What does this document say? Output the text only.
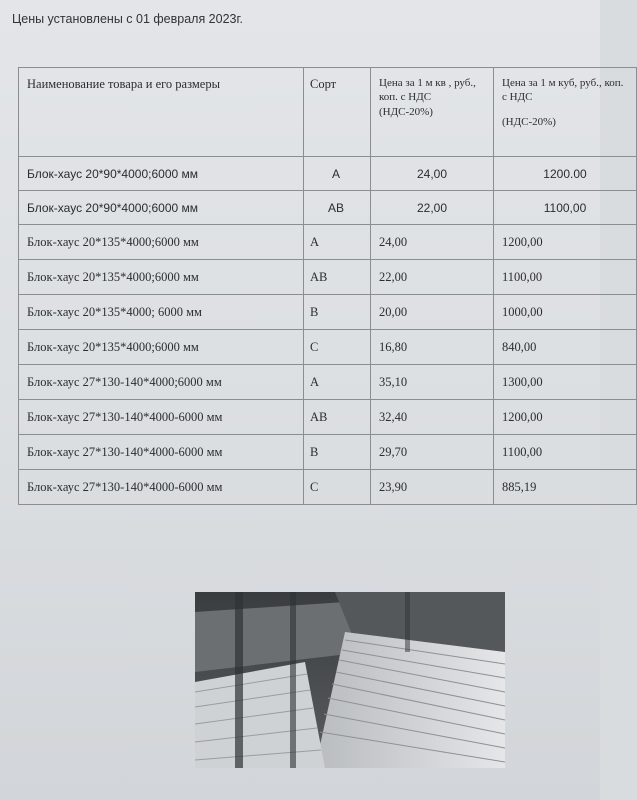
Цены установлены с 01 февраля 2023г.
Наименование товара и его размеры	Сорт	Цена за 1 м кв , руб., коп. с НДС (НДС-20%)	Цена за 1 м куб, руб., коп. с НДС
(НДС-20%)

Блок-хаус 20*90*4000;6000 мм	А	24,00	1200.00
Блок-хаус 20*90*4000;6000 мм	АВ	22,00	1100,00
Блок-хаус 20*135*4000;6000 мм	А	24,00	1200,00
Блок-хаус 20*135*4000;6000 мм	АВ	22,00	1100,00
Блок-хаус 20*135*4000; 6000 мм	В	20,00	1000,00
Блок-хаус 20*135*4000;6000 мм	С	16,80	840,00
Блок-хаус 27*130-140*4000;6000 мм	А	35,10	1300,00
Блок-хаус 27*130-140*4000-6000 мм	АВ	32,40	1200,00
Блок-хаус 27*130-140*4000-6000 мм	В	29,70	1100,00
Блок-хаус 27*130-140*4000-6000 мм	С	23,90	885,19
